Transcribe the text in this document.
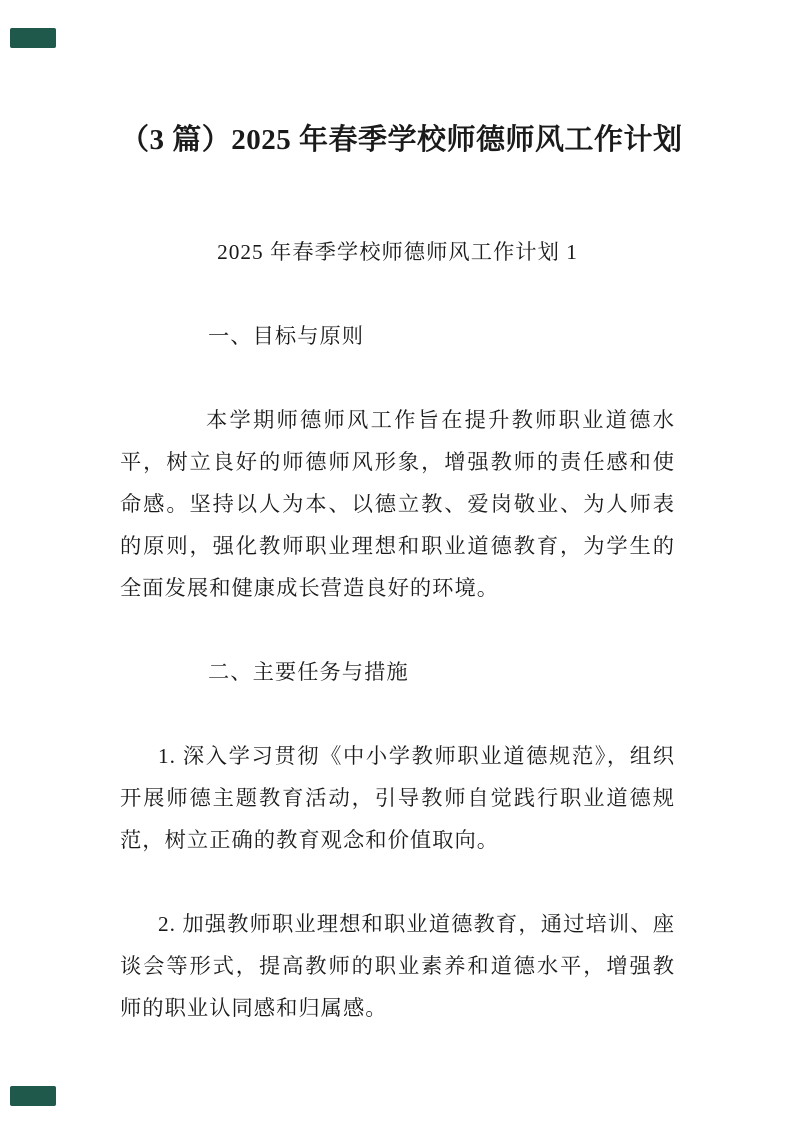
（3 篇）2025 年春季学校师德师风工作计划

2025 年春季学校师德师风工作计划 1

一、目标与原则

本学期师德师风工作旨在提升教师职业道德水平，树立良好的师德师风形象，增强教师的责任感和使命感。坚持以人为本、以德立教、爱岗敬业、为人师表的原则，强化教师职业理想和职业道德教育，为学生的全面发展和健康成长营造良好的环境。

二、主要任务与措施

1. 深入学习贯彻《中小学教师职业道德规范》，组织开展师德主题教育活动，引导教师自觉践行职业道德规范，树立正确的教育观念和价值取向。

2. 加强教师职业理想和职业道德教育，通过培训、座谈会等形式，提高教师的职业素养和道德水平，增强教师的职业认同感和归属感。
